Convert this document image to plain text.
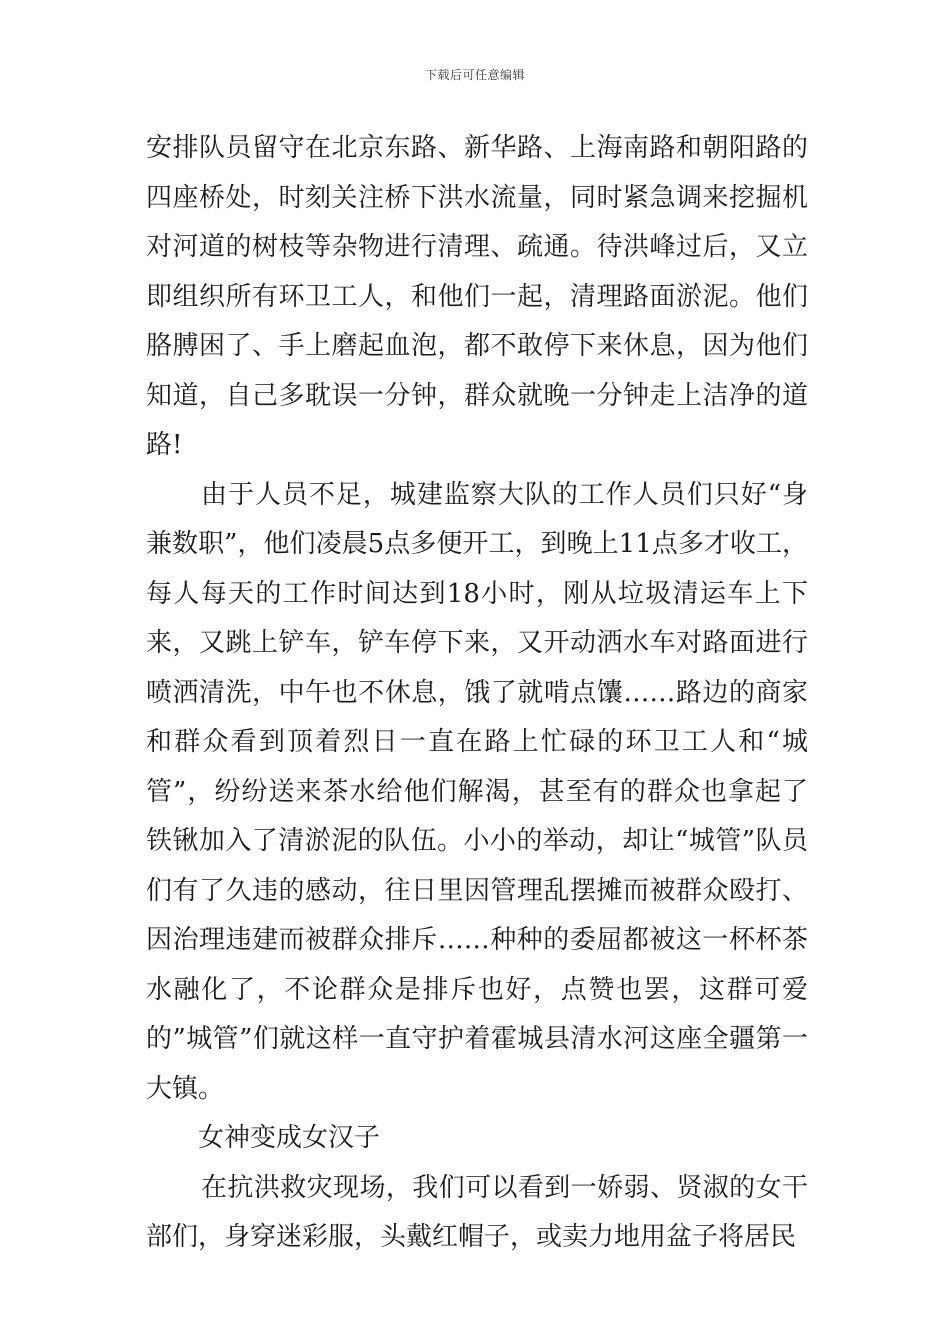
下载后可任意编辑

安排队员留守在北京东路、新华路、上海南路和朝阳路的四座桥处，时刻关注桥下洪水流量，同时紧急调来挖掘机对河道的树枝等杂物进行清理、疏通。待洪峰过后，又立即组织所有环卫工人，和他们一起，清理路面淤泥。他们胳膊困了、手上磨起血泡，都不敢停下来休息，因为他们知道，自己多耽误一分钟，群众就晚一分钟走上洁净的道路!

由于人员不足，城建监察大队的工作人员们只好“身兼数职”，他们凌晨5点多便开工，到晚上11点多才收工，每人每天的工作时间达到18小时，刚从垃圾清运车上下来，又跳上铲车，铲车停下来，又开动洒水车对路面进行喷洒清洗，中午也不休息，饿了就啃点馕……路边的商家和群众看到顶着烈日一直在路上忙碌的环卫工人和“城管”，纷纷送来茶水给他们解渴，甚至有的群众也拿起了铁锹加入了清淤泥的队伍。小小的举动，却让“城管”队员们有了久违的感动，往日里因管理乱摆摊而被群众殴打、因治理违建而被群众排斥……种种的委屈都被这一杯杯茶水融化了，不论群众是排斥也好，点赞也罢，这群可爱的”城管”们就这样一直守护着霍城县清水河这座全疆第一大镇。

女神变成女汉子

在抗洪救灾现场，我们可以看到一娇弱、贤淑的女干部们，身穿迷彩服，头戴红帽子，或卖力地用盆子将居民
